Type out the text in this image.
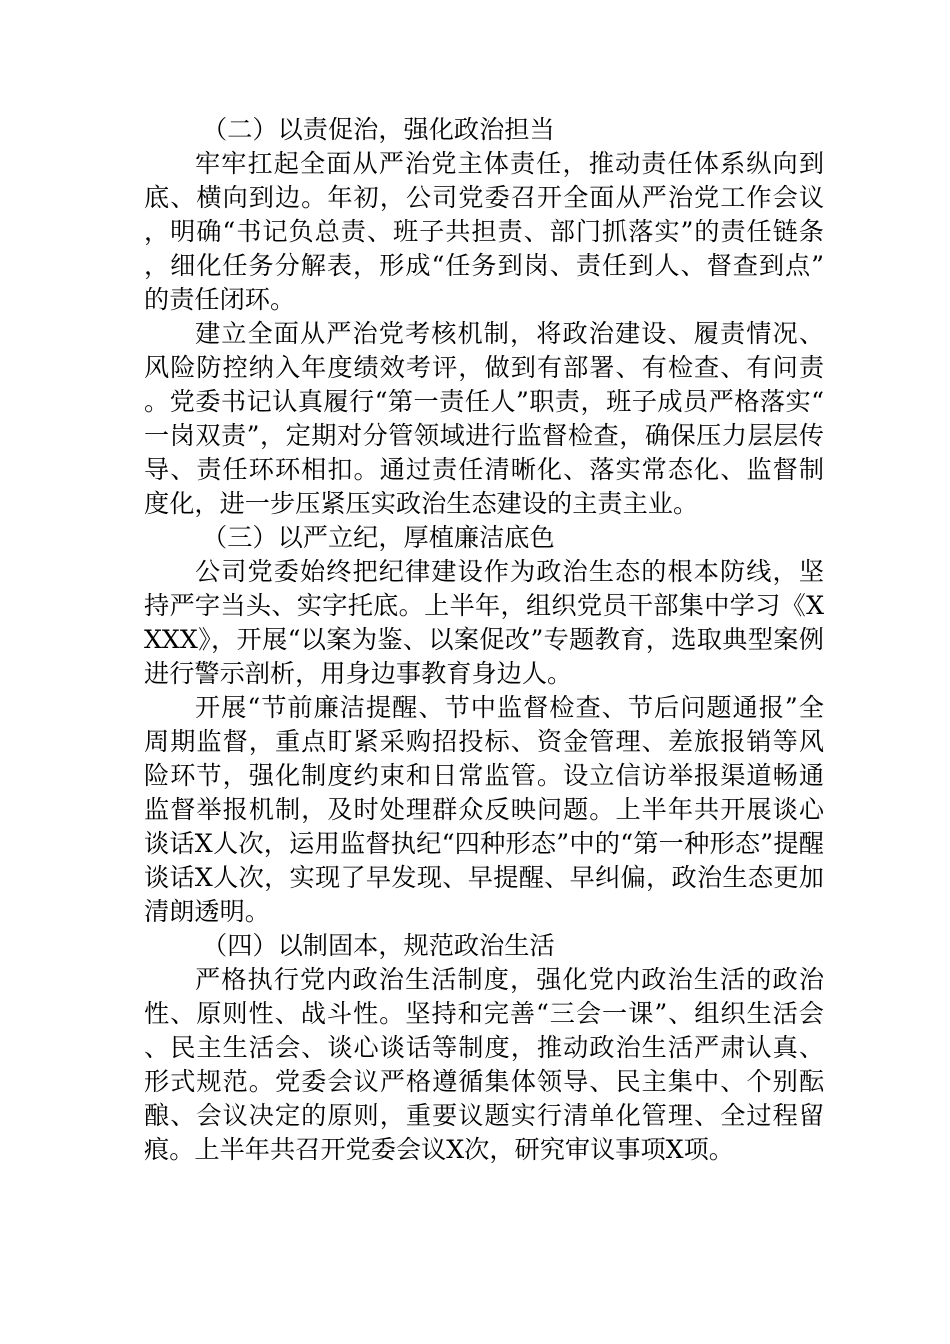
（二）以责促治，强化政治担当

牢牢扛起全面从严治党主体责任，推动责任体系纵向到底、横向到边。年初，公司党委召开全面从严治党工作会议，明确“书记负总责、班子共担责、部门抓落实”的责任链条，细化任务分解表，形成“任务到岗、责任到人、督查到点”的责任闭环。

建立全面从严治党考核机制，将政治建设、履责情况、风险防控纳入年度绩效考评，做到有部署、有检查、有问责。党委书记认真履行“第一责任人”职责，班子成员严格落实“一岗双责”，定期对分管领域进行监督检查，确保压力层层传导、责任环环相扣。通过责任清晰化、落实常态化、监督制度化，进一步压紧压实政治生态建设的主责主业。

（三）以严立纪，厚植廉洁底色

公司党委始终把纪律建设作为政治生态的根本防线，坚持严字当头、实字托底。上半年，组织党员干部集中学习《XXXX》，开展“以案为鉴、以案促改”专题教育，选取典型案例进行警示剖析，用身边事教育身边人。

开展“节前廉洁提醒、节中监督检查、节后问题通报”全周期监督，重点盯紧采购招投标、资金管理、差旅报销等风险环节，强化制度约束和日常监管。设立信访举报渠道畅通监督举报机制，及时处理群众反映问题。上半年共开展谈心谈话X人次，运用监督执纪“四种形态”中的“第一种形态”提醒谈话X人次，实现了早发现、早提醒、早纠偏，政治生态更加清朗透明。

（四）以制固本，规范政治生活

严格执行党内政治生活制度，强化党内政治生活的政治性、原则性、战斗性。坚持和完善“三会一课”、组织生活会、民主生活会、谈心谈话等制度，推动政治生活严肃认真、形式规范。党委会议严格遵循集体领导、民主集中、个别酝酿、会议决定的原则，重要议题实行清单化管理、全过程留痕。上半年共召开党委会议X次，研究审议事项X项。
